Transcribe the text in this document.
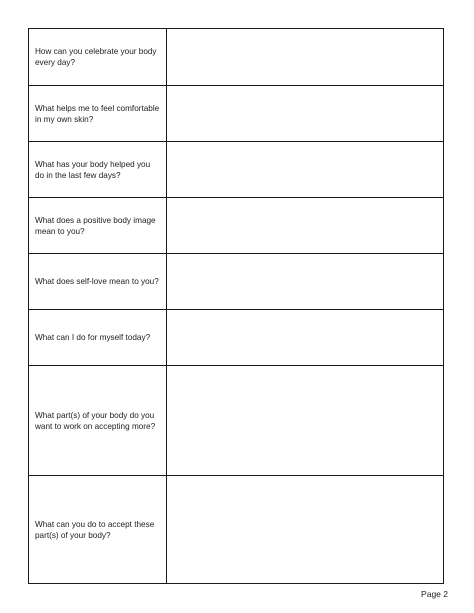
How can you celebrate your body every day?
What helps me to feel comfortable in my own skin?
What has your body helped you do in the last few days?
What does a positive body image mean to you?
What does self-love mean to you?
What can I do for myself today?
What part(s) of your body do you want to work on accepting more?
What can you do to accept these part(s) of your body?
Page 2
